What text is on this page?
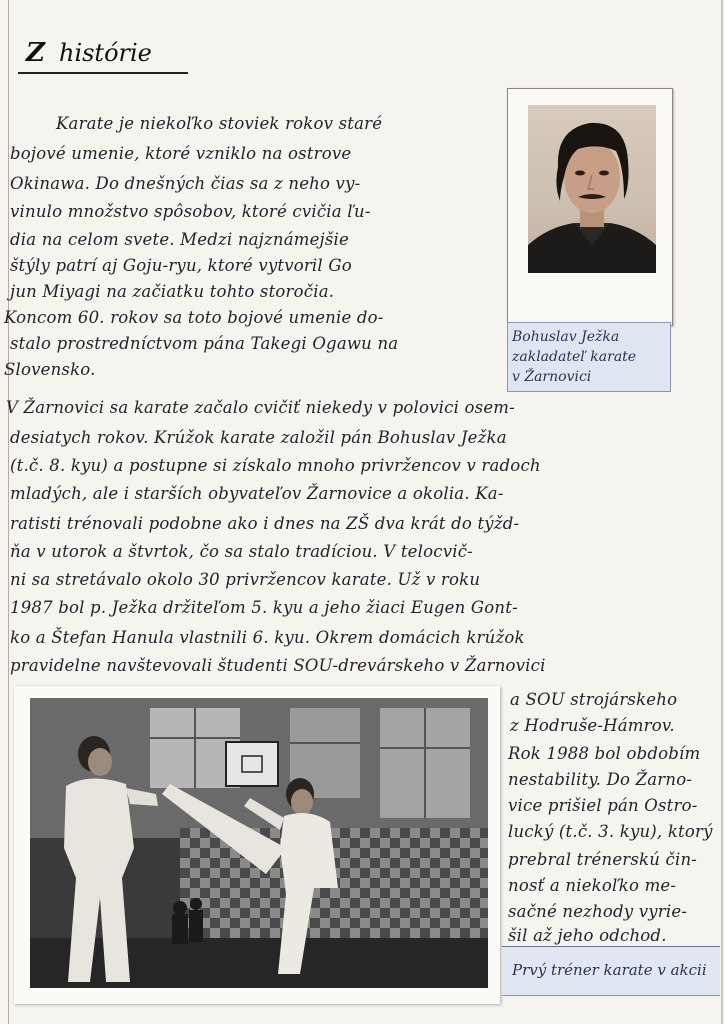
Z histórie
Karate je niekoľko stoviek rokov staré
bojové umenie, ktoré vzniklo na ostrove
Okinawa. Do dnešných čias sa z neho vy-
vinulo množstvo spôsobov, ktoré cvičia ľu-
dia na celom svete. Medzi najznámejšie
štýly patrí aj Goju-ryu, ktoré vytvoril Go
jun Miyagi na začiatku tohto storočia.
Koncom 60. rokov sa toto bojové umenie do-
stalo prostredníctvom pána Takegi Ogawu na
Slovensko.
Bohuslav Ježka
zakladateľ karate
v Žarnovici
V Žarnovici sa karate začalo cvičiť niekedy v polovici osem-
desiatych rokov. Krúžok karate založil pán Bohuslav Ježka
(t.č. 8. kyu) a postupne si získalo mnoho privržencov v radoch
mladých, ale i starších obyvateľov Žarnovice a okolia. Ka-
ratisti trénovali podobne ako i dnes na ZŠ dva krát do týžd-
ňa v utorok a štvrtok, čo sa stalo tradíciou. V telocvič-
ni sa stretávalo okolo 30 privržencov karate. Už v roku
1987 bol p. Ježka držiteľom 5. kyu a jeho žiaci Eugen Gont-
ko a Štefan Hanula vlastnili 6. kyu. Okrem domácich krúžok
pravidelne navštevovali študenti SOU-drevárskeho v Žarnovici
a SOU strojárskeho
z Hodruše-Hámrov.
Rok 1988 bol obdobím
nestability. Do Žarno-
vice prišiel pán Ostro-
lucký (t.č. 3. kyu), ktorý
prebral trénerskú čin-
nosť a niekoľko me-
sačné nezhody vyrie-
šil až jeho odchod.
Prvý tréner karate v akcii
